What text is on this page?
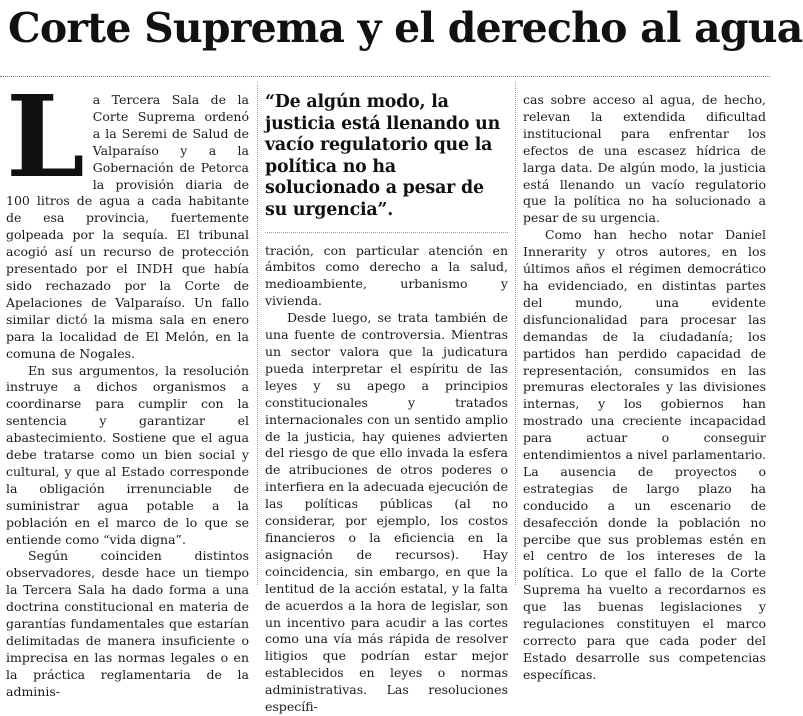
Corte Suprema y el derecho al agua
L a Tercera Sala de la Corte Suprema ordenó a la Seremi de Salud de Valparaíso y a la Gobernación de Petorca la provisión diaria de 100 litros de agua a cada habitante de esa provincia, fuertemente golpeada por la sequía. El tribunal acogió así un recurso de protección presentado por el INDH que había sido rechazado por la Corte de Apelaciones de Valparaíso. Un fallo similar dictó la misma sala en enero para la localidad de El Melón, en la comuna de Nogales.

En sus argumentos, la resolución instruye a dichos organismos a coordinarse para cumplir con la sentencia y garantizar el abastecimiento. Sostiene que el agua debe tratarse como un bien social y cultural, y que al Estado corresponde la obligación irrenunciable de suministrar agua potable a la población en el marco de lo que se entiende como “vida digna”.

Según coinciden distintos observadores, desde hace un tiempo la Tercera Sala ha dado forma a una doctrina constitucional en materia de garantías fundamentales que estarían delimitadas de manera insuficiente o imprecisa en las normas legales o en la práctica reglamentaria de la adminis-

“De algún modo, la justicia está llenando un vacío regulatorio que la política no ha solucionado a pesar de su urgencia”.

tración, con particular atención en ámbitos como derecho a la salud, medioambiente, urbanismo y vivienda.

Desde luego, se trata también de una fuente de controversia. Mientras un sector valora que la judicatura pueda interpretar el espíritu de las leyes y su apego a principios constitucionales y tratados internacionales con un sentido amplio de la justicia, hay quienes advierten del riesgo de que ello invada la esfera de atribuciones de otros poderes o interfiera en la adecuada ejecución de las políticas públicas (al no considerar, por ejemplo, los costos financieros o la eficiencia en la asignación de recursos). Hay coincidencia, sin embargo, en que la lentitud de la acción estatal, y la falta de acuerdos a la hora de legislar, son un incentivo para acudir a las cortes como una vía más rápida de resolver litigios que podrían estar mejor establecidos en leyes o normas administrativas. Las resoluciones específi-

cas sobre acceso al agua, de hecho, relevan la extendida dificultad institucional para enfrentar los efectos de una escasez hídrica de larga data. De algún modo, la justicia está llenando un vacío regulatorio que la política no ha solucionado a pesar de su urgencia.

Como han hecho notar Daniel Innerarity y otros autores, en los últimos años el régimen democrático ha evidenciado, en distintas partes del mundo, una evidente disfuncionalidad para procesar las demandas de la ciudadanía; los partidos han perdido capacidad de representación, consumidos en las premuras electorales y las divisiones internas, y los gobiernos han mostrado una creciente incapacidad para actuar o conseguir entendimientos a nivel parlamentario. La ausencia de proyectos o estrategias de largo plazo ha conducido a un escenario de desafección donde la población no percibe que sus problemas estén en el centro de los intereses de la política. Lo que el fallo de la Corte Suprema ha vuelto a recordarnos es que las buenas legislaciones y regulaciones constituyen el marco correcto para que cada poder del Estado desarrolle sus competencias específicas.
